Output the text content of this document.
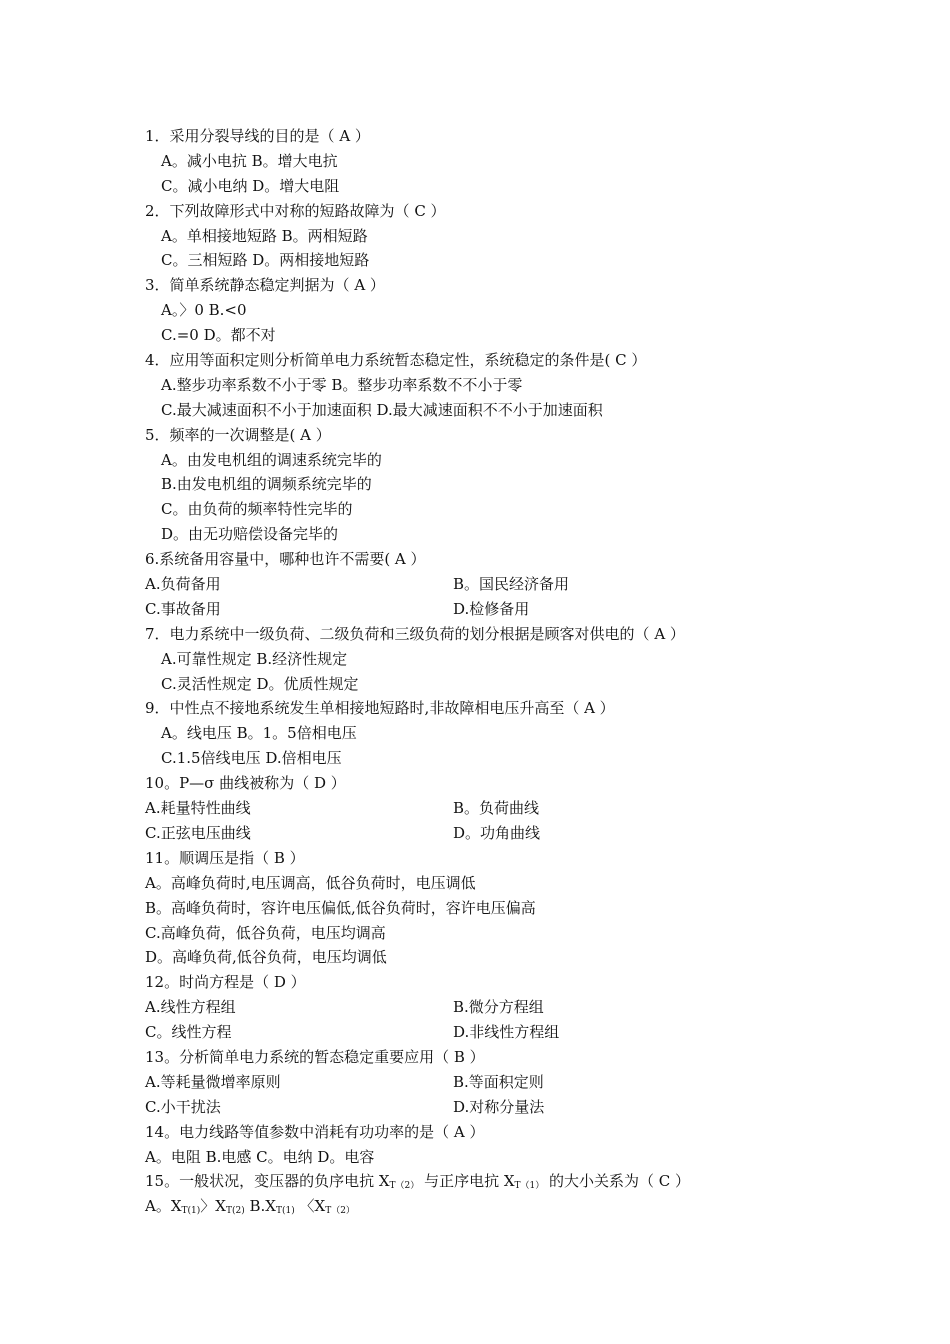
1．采用分裂导线的目的是（ A ）
A。减小电抗 B。增大电抗
C。减小电纳 D。增大电阻
2．下列故障形式中对称的短路故障为（ C ）
A。单相接地短路 B。两相短路
C。三相短路 D。两相接地短路
3．简单系统静态稳定判据为（ A ）
A。〉0 B.<0
C.=0 D。都不对
4．应用等面积定则分析简单电力系统暂态稳定性，系统稳定的条件是( C ）
A.整步功率系数不小于零 B。整步功率系数不不小于零
C.最大减速面积不小于加速面积 D.最大减速面积不不小于加速面积
5．频率的一次调整是( A ）
A。由发电机组的调速系统完毕的
B.由发电机组的调频系统完毕的
C。由负荷的频率特性完毕的
D。由无功赔偿设备完毕的
6.系统备用容量中，哪种也许不需要( A ）
A.负荷备用	B。国民经济备用
C.事故备用	D.检修备用
7．电力系统中一级负荷、二级负荷和三级负荷的划分根据是顾客对供电的（ A ）
A.可靠性规定 B.经济性规定
C.灵活性规定 D。优质性规定
9．中性点不接地系统发生单相接地短路时,非故障相电压升高至（ A ）
A。线电压 B。1。5倍相电压
C.1.5倍线电压 D.倍相电压
10。P—σ 曲线被称为（ D ）
A.耗量特性曲线	B。负荷曲线
C.正弦电压曲线	D。功角曲线
11。顺调压是指（ B ）
A。高峰负荷时,电压调高，低谷负荷时，电压调低
B。高峰负荷时，容许电压偏低,低谷负荷时，容许电压偏高
C.高峰负荷，低谷负荷，电压均调高
D。高峰负荷,低谷负荷，电压均调低
12。时尚方程是（ D ）
A.线性方程组	B.微分方程组
C。线性方程	D.非线性方程组
13。分析简单电力系统的暂态稳定重要应用（ B ）
A.等耗量微增率原则	B.等面积定则
C.小干扰法	D.对称分量法
14。电力线路等值参数中消耗有功功率的是（ A ）
A。电阻 B.电感 C。电纳 D。电容
15。一般状况，变压器的负序电抗 $X_{T(2)}$ 与正序电抗 $X_{T(1)}$ 的大小关系为（ C ）
A。$X_{T(1)}$〉$X_{T(2)}$ $B.X_{T(1)}$ 〈$X_{T(2)}$
